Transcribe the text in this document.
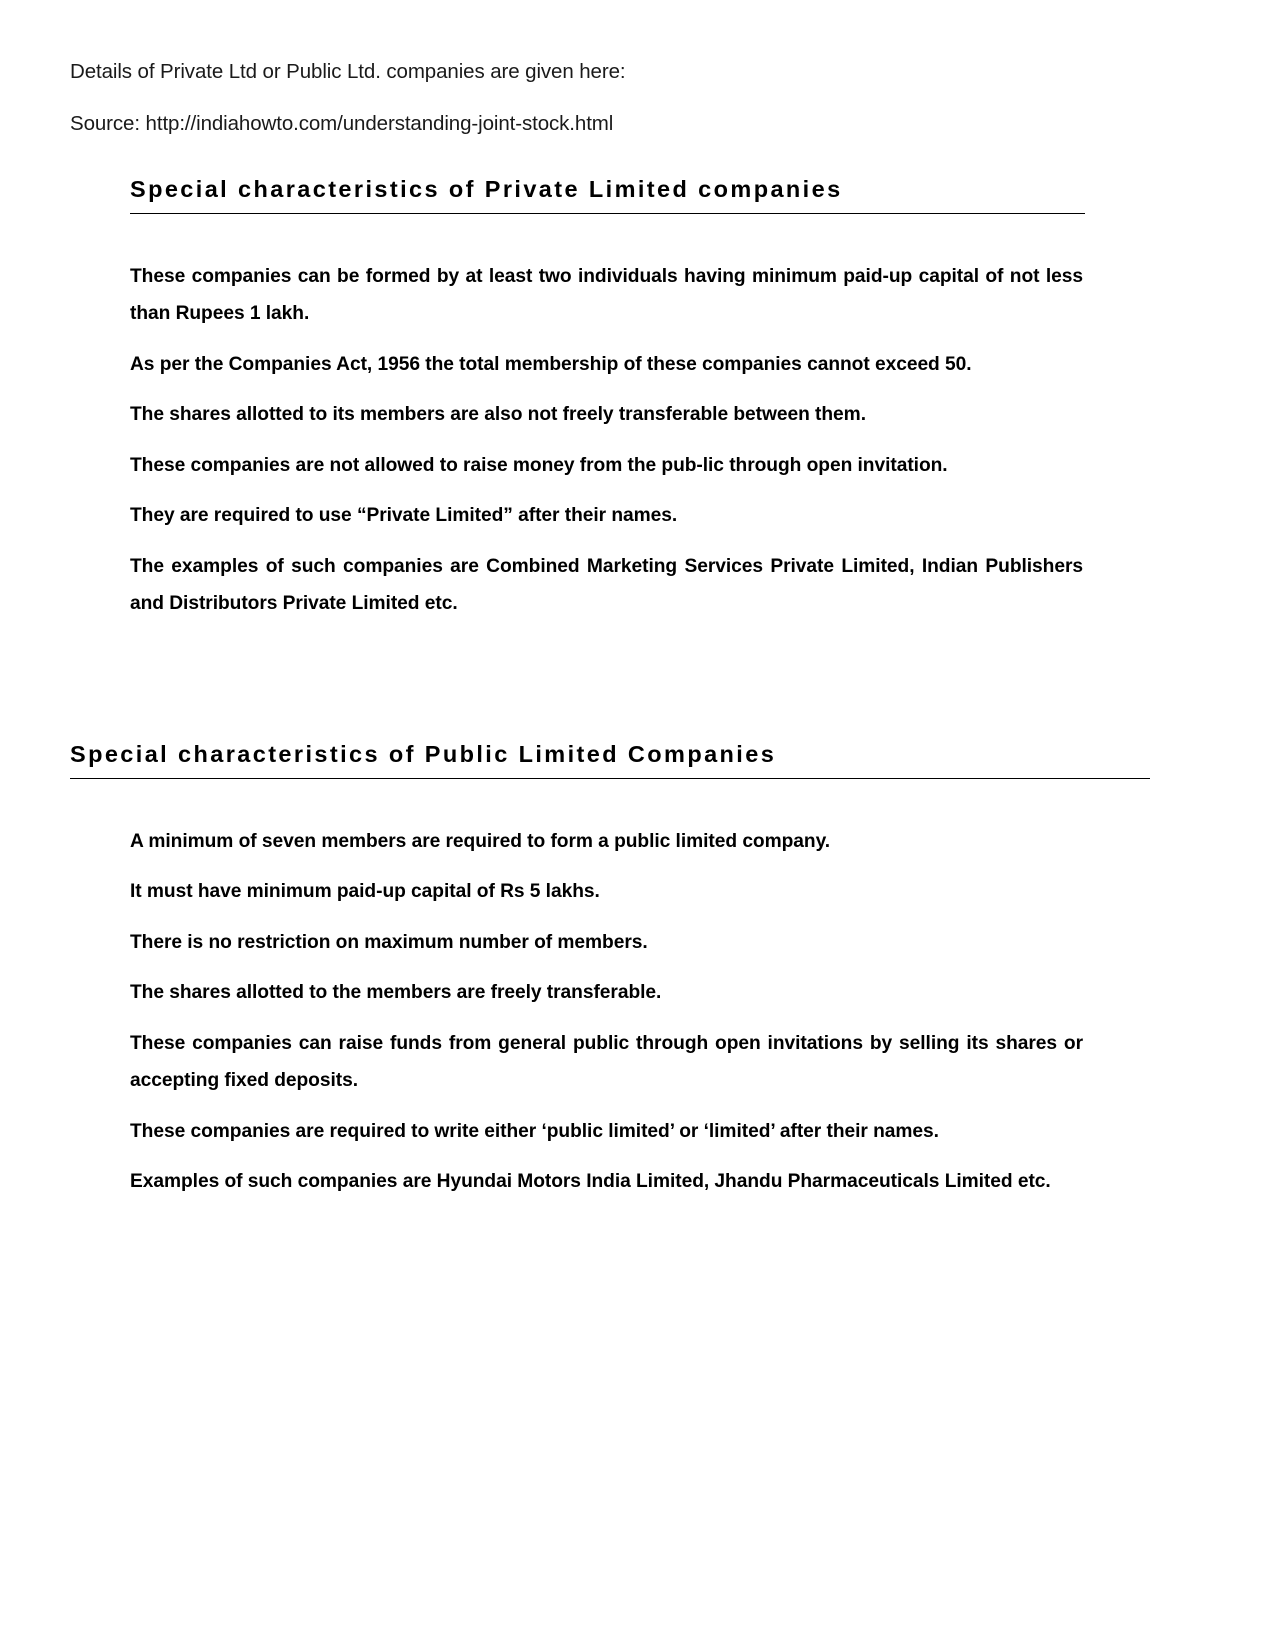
Details of Private Ltd or Public Ltd. companies are given here:
Source: http://indiahowto.com/understanding-joint-stock.html
Special characteristics of Private Limited companies

These companies can be formed by at least two individuals having minimum paid-up capital of not less than Rupees 1 lakh.

As per the Companies Act, 1956 the total membership of these companies cannot exceed 50.

The shares allotted to its members are also not freely transferable between them.

These companies are not allowed to raise money from the pub-lic through open invitation.

They are required to use “Private Limited” after their names.

The examples of such companies are Combined Marketing Services Private Limited, Indian Publishers and Distributors Private Limited etc.

Special characteristics of Public Limited Companies

A minimum of seven members are required to form a public limited company.

It must have minimum paid-up capital of Rs 5 lakhs.

There is no restriction on maximum number of members.

The shares allotted to the members are freely transferable.

These companies can raise funds from general public through open invitations by selling its shares or accepting fixed deposits.

These companies are required to write either ‘public limited’ or ‘limited’ after their names.

Examples of such companies are Hyundai Motors India Limited, Jhandu Pharmaceuticals Limited etc.
